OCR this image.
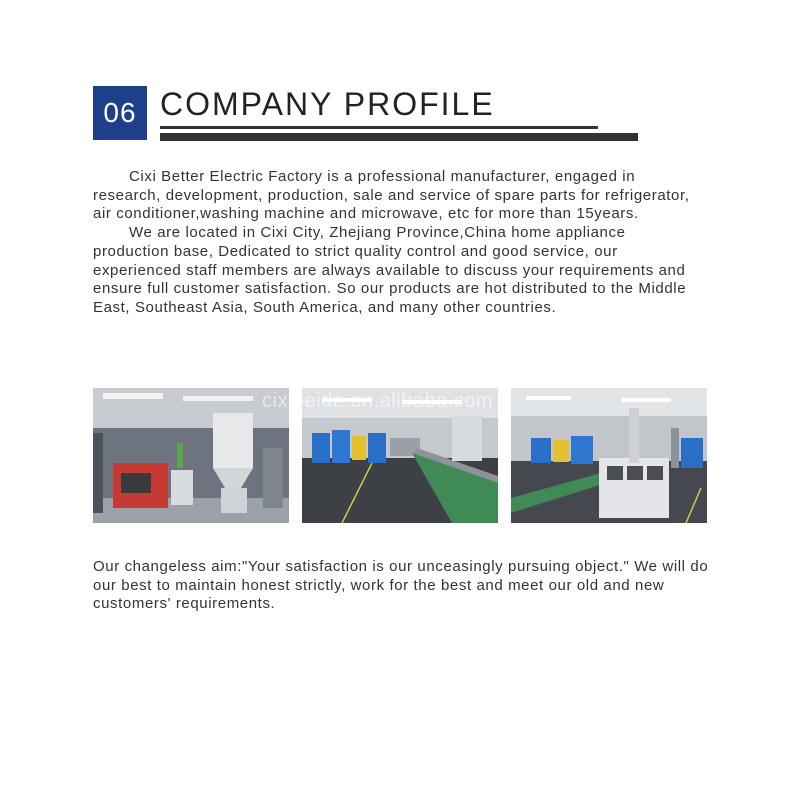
06 COMPANY PROFILE

Cixi Better Electric Factory is a professional manufacturer, engaged in research, development, production, sale and service of spare parts for refrigerator, air conditioner,washing machine and microwave, etc for more than 15years.

We are located in Cixi City, Zhejiang Province,China home appliance production base, Dedicated to strict quality control and good service, our experienced staff members are always available to discuss your requirements and ensure full customer satisfaction. So our products are hot distributed to the Middle East, Southeast Asia, South America, and many other countries.

cixibeide.en.alibaba.com

Our changeless aim:"Your satisfaction is our unceasingly pursuing object." We will do our best to maintain honest strictly, work for the best and meet our old and new customers' requirements.
